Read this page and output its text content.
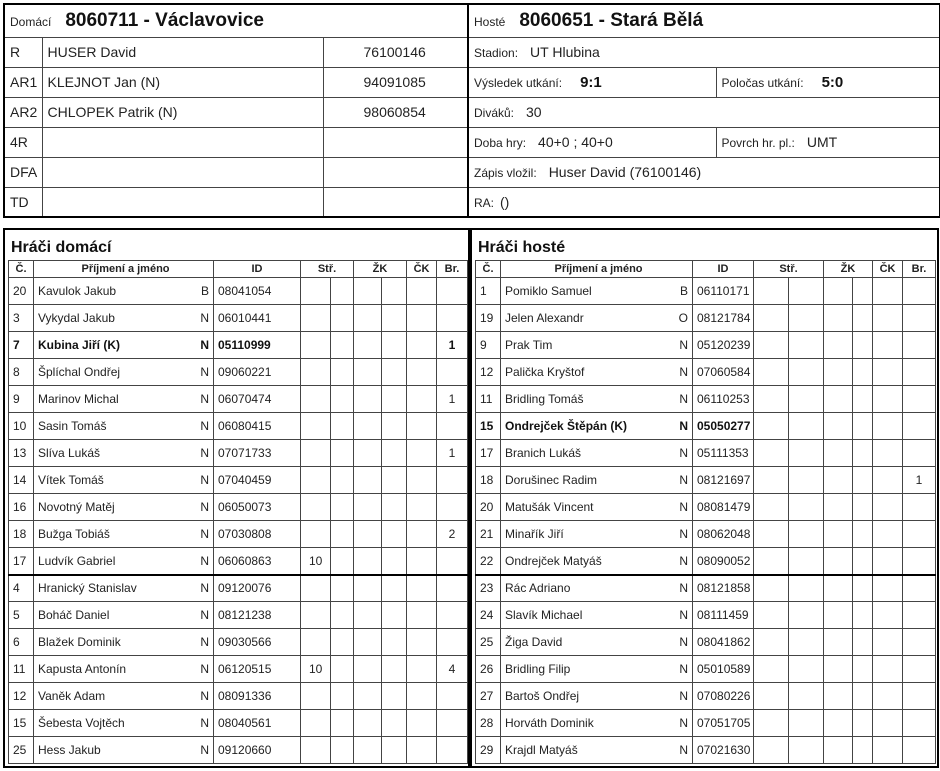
Domácí 8060711 - Václavovice			Hosté 8060651 - Stará Bělá	
R	HUSER David	76100146	Stadion: UT Hlubina	
AR1	KLEJNOT Jan (N)	94091085	Výsledek utkání: 9:1	Poločas utkání: 5:0
AR2	CHLOPEK Patrik (N)	98060854	Diváků: 30	
4R			Doba hry: 40+0 ; 40+0	Povrch hr. pl.: UMT
DFA			Zápis vložil: Huser David (76100146)	
TD			RA: ()	
Hráči domácí
Č.	Příjmení a jméno		ID	Stř.		ŽK		ČK	Br.
20	Kavulok Jakub	B	08041054						
3	Vykydal Jakub	N	06010441						
7	Kubina Jiří (K)	N	05110999						1
8	Šplíchal Ondřej	N	09060221						
9	Marinov Michal	N	06070474						1
10	Sasin Tomáš	N	06080415						
13	Slíva Lukáš	N	07071733						1
14	Vítek Tomáš	N	07040459						
16	Novotný Matěj	N	06050073						
18	Bužga Tobiáš	N	07030808						2
17	Ludvík Gabriel	N	06060863	10					
4	Hranický Stanislav	N	09120076						
5	Boháč Daniel	N	08121238						
6	Blažek Dominik	N	09030566						
11	Kapusta Antonín	N	06120515	10					4
12	Vaněk Adam	N	08091336						
15	Šebesta Vojtěch	N	08040561						
25	Hess Jakub	N	09120660						
Hráči hosté
Č.	Příjmení a jméno		ID	Stř.		ŽK		ČK	Br.
1	Pomiklo Samuel	B	06110171						
19	Jelen Alexandr	O	08121784						
9	Prak Tim	N	05120239						
12	Palička Kryštof	N	07060584						
11	Bridling Tomáš	N	06110253						
15	Ondrejček Štěpán (K)	N	05050277						
17	Branich Lukáš	N	05111353						
18	Dorušinec Radim	N	08121697						1
20	Matušák Vincent	N	08081479						
21	Minařík Jiří	N	08062048						
22	Ondrejček Matyáš	N	08090052						
23	Rác Adriano	N	08121858						
24	Slavík Michael	N	08111459						
25	Žiga David	N	08041862						
26	Bridling Filip	N	05010589						
27	Bartoš Ondřej	N	07080226						
28	Horváth Dominik	N	07051705						
29	Krajdl Matyáš	N	07021630						
